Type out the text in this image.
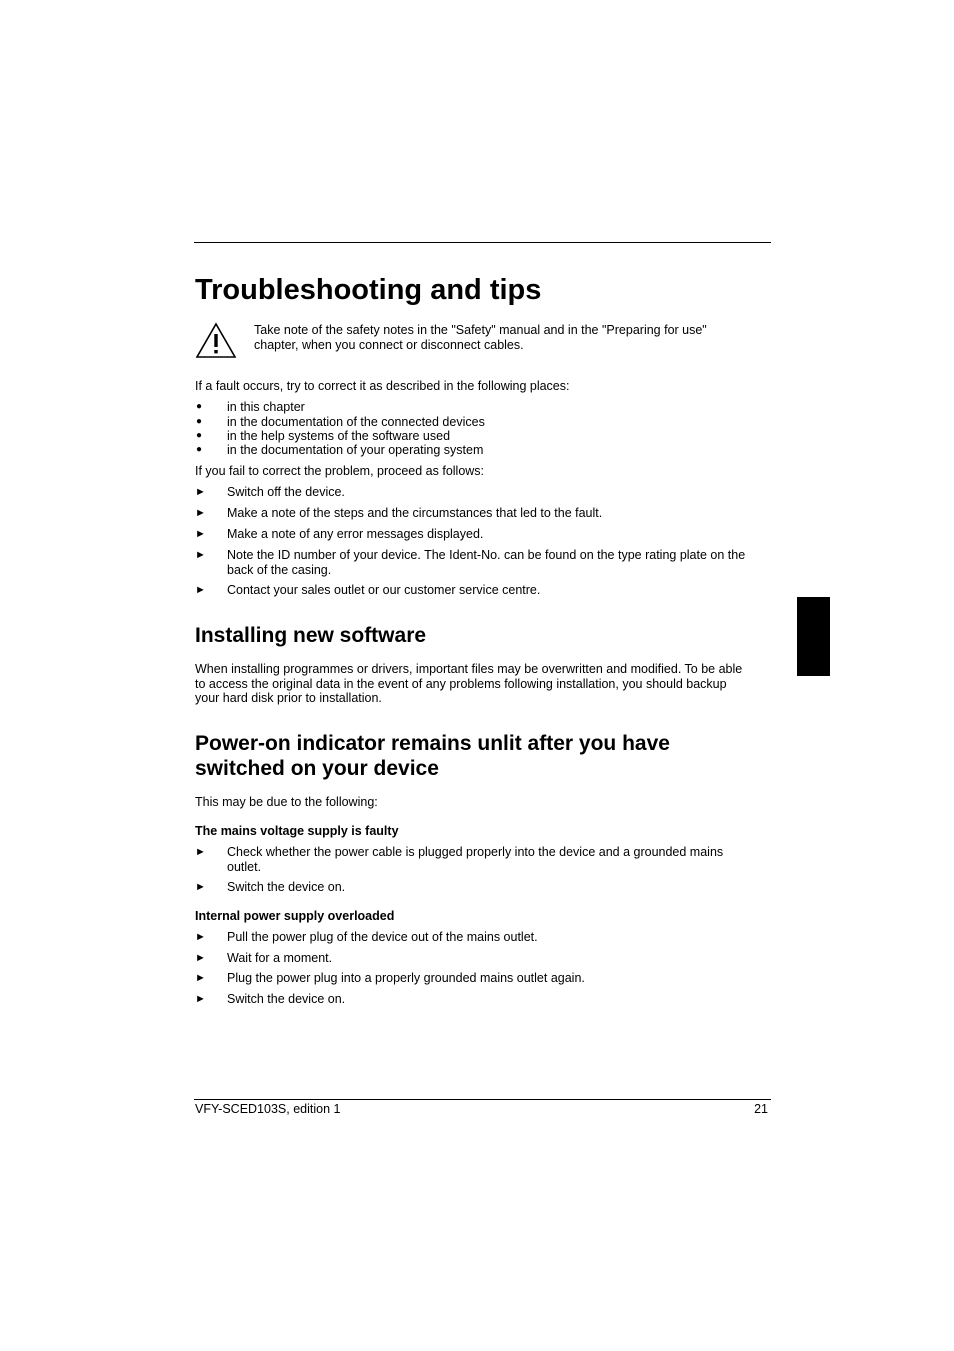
Troubleshooting and tips
Take note of the safety notes in the "Safety" manual and in the "Preparing for use"
chapter, when you connect or disconnect cables.
If a fault occurs, try to correct it as described in the following places:
●	in this chapter
●	in the documentation of the connected devices
●	in the help systems of the software used
●	in the documentation of your operating system
If you fail to correct the problem, proceed as follows:
►	Switch off the device.
►	Make a note of the steps and the circumstances that led to the fault.
►	Make a note of any error messages displayed.
►	Note the ID number of your device. The Ident-No. can be found on the type rating plate on the
back of the casing.
►	Contact your sales outlet or our customer service centre.
Installing new software
When installing programmes or drivers, important files may be overwritten and modified. To be able
to access the original data in the event of any problems following installation, you should backup
your hard disk prior to installation.
Power-on indicator remains unlit after you have
switched on your device
This may be due to the following:
The mains voltage supply is faulty
►	Check whether the power cable is plugged properly into the device and a grounded mains
outlet.
►	Switch the device on.
Internal power supply overloaded
►	Pull the power plug of the device out of the mains outlet.
►	Wait for a moment.
►	Plug the power plug into a properly grounded mains outlet again.
►	Switch the device on.
VFY-SCED103S, edition 1	21
